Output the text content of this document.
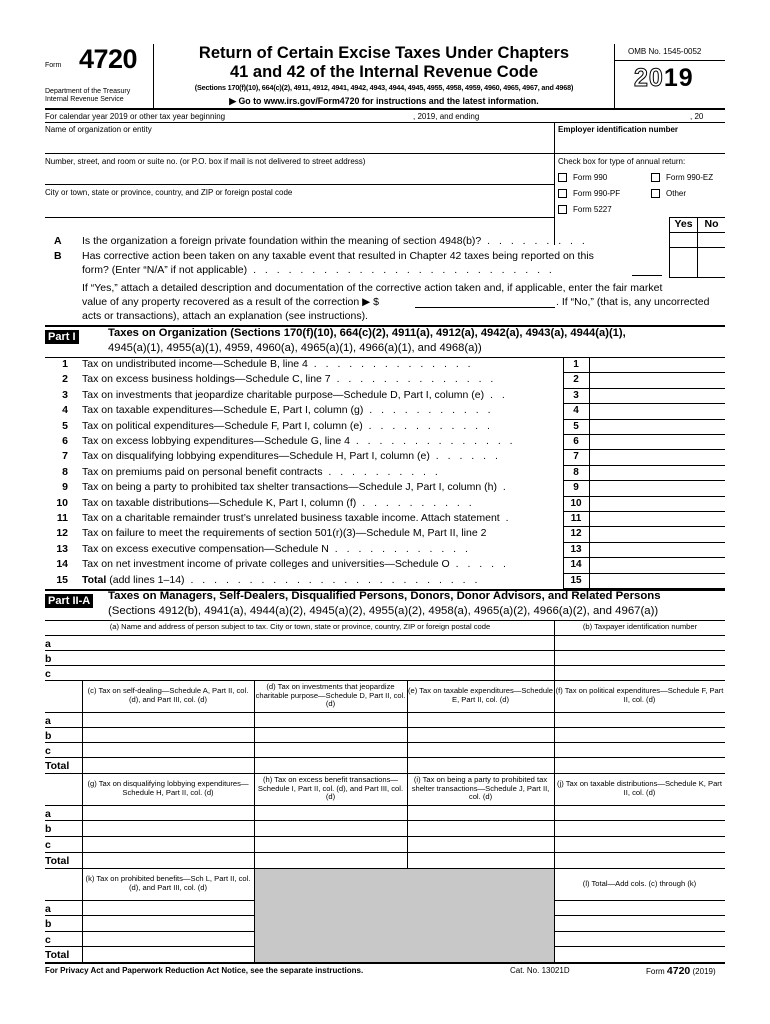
Form 4720
Department of the Treasury
Internal Revenue Service
Return of Certain Excise Taxes Under Chapters
41 and 42 of the Internal Revenue Code
(Sections 170(f)(10), 664(c)(2), 4911, 4912, 4941, 4942, 4943, 4944, 4945, 4955, 4958, 4959, 4960, 4965, 4967, and 4968)
▶ Go to www.irs.gov/Form4720 for instructions and the latest information.
OMB No. 1545-0052
2019
For calendar year 2019 or other tax year beginning	, 2019, and ending	, 20
Name of organization or entity	Employer identification number
Number, street, and room or suite no. (or P.O. box if mail is not delivered to street address)	Check box for type of annual return:
City or town, state or province, country, and ZIP or foreign postal code
Form 990	Form 990-EZ
Form 990-PF	Other
Form 5227
Yes	No
A Is the organization a foreign private foundation within the meaning of section 4948(b)? . . . . . . . . .
B Has corrective action been taken on any taxable event that resulted in Chapter 42 taxes being reported on this
form? (Enter “N/A” if not applicable) . . . . . . . . . . . . . . . . . . . . . . . . . .
If “Yes,” attach a detailed description and documentation of the corrective action taken and, if applicable, enter the fair market
value of any property recovered as a result of the correction ▶ $	. If “No,” (that is, any uncorrected
acts or transactions), attach an explanation (see instructions).
Part I	Taxes on Organization (Sections 170(f)(10), 664(c)(2), 4911(a), 4912(a), 4942(a), 4943(a), 4944(a)(1),
4945(a)(1), 4955(a)(1), 4959, 4960(a), 4965(a)(1), 4966(a)(1), and 4968(a))
1 Tax on undistributed income—Schedule B, line 4 . . . . . . . . . . . . . .	1
2 Tax on excess business holdings—Schedule C, line 7 . . . . . . . . . . . . . .	2
3 Tax on investments that jeopardize charitable purpose—Schedule D, Part I, column (e) . .	3
4 Tax on taxable expenditures—Schedule E, Part I, column (g) . . . . . . . . . . .	4
5 Tax on political expenditures—Schedule F, Part I, column (e) . . . . . . . . . . .	5
6 Tax on excess lobbying expenditures—Schedule G, line 4 . . . . . . . . . . . . . .	6
7 Tax on disqualifying lobbying expenditures—Schedule H, Part I, column (e) . . . . . .	7
8 Tax on premiums paid on personal benefit contracts . . . . . . . . . .	8
9 Tax on being a party to prohibited tax shelter transactions—Schedule J, Part I, column (h) .	9
10 Tax on taxable distributions—Schedule K, Part I, column (f) . . . . . . . . . .	10
11 Tax on a charitable remainder trust’s unrelated business taxable income. Attach statement .	11
12 Tax on failure to meet the requirements of section 501(r)(3)—Schedule M, Part II, line 2	12
13 Tax on excess executive compensation—Schedule N . . . . . . . . . . . .	13
14 Tax on net investment income of private colleges and universities—Schedule O . . . . .	14
15 Total (add lines 1–14) . . . . . . . . . . . . . . . . . . . . . . . . .	15
Part II-A Taxes on Managers, Self-Dealers, Disqualified Persons, Donors, Donor Advisors, and Related Persons
(Sections 4912(b), 4941(a), 4944(a)(2), 4945(a)(2), 4955(a)(2), 4958(a), 4965(a)(2), 4966(a)(2), and 4967(a))
(a) Name and address of person subject to tax. City or town, state or province, country, ZIP or foreign postal code	(b) Taxpayer identification number
a
b
c
(c) Tax on self-dealing—Schedule A, Part II, col. (d), and Part III, col. (d)
(d) Tax on investments that jeopardize charitable purpose—Schedule D, Part II, col. (d)
(e) Tax on taxable expenditures—Schedule E, Part II, col. (d)
(f) Tax on political expenditures—Schedule F, Part II, col. (d)
a
b
c
Total
(g) Tax on disqualifying lobbying expenditures—Schedule H, Part II, col. (d)
(h) Tax on excess benefit transactions—Schedule I, Part II, col. (d), and Part III, col. (d)
(i) Tax on being a party to prohibited tax shelter transactions—Schedule J, Part II, col. (d)
(j) Tax on taxable distributions—Schedule K, Part II, col. (d)
a
b
c
Total
(k) Tax on prohibited benefits—Sch L, Part II, col. (d), and Part III, col. (d)	(l) Total—Add cols. (c) through (k)
a
b
c
Total
For Privacy Act and Paperwork Reduction Act Notice, see the separate instructions.	Cat. No. 13021D	Form 4720 (2019)
